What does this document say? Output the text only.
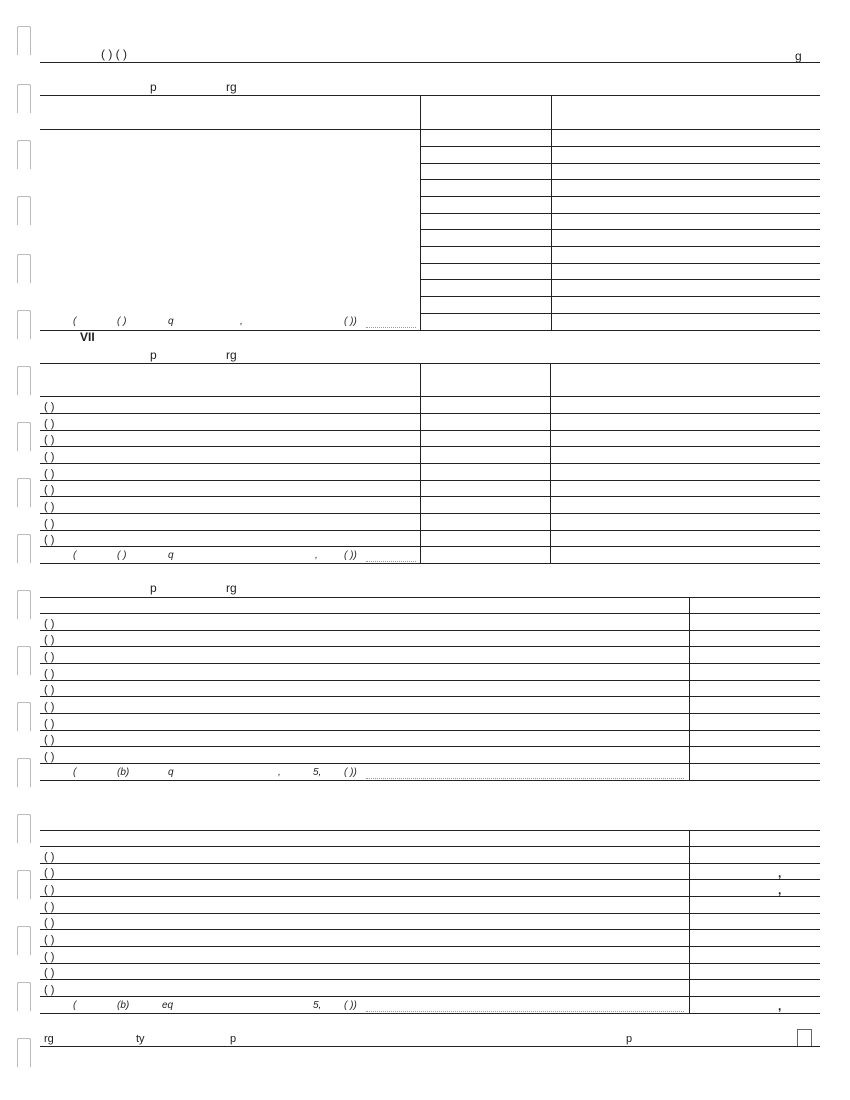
( ) ( )	g
p	rg
(	( )	q	,	( ))
VII
p	rg
( )
( )
( )
( )
( )
( )
( )
( )
( )
(	( )	q	,	( ))
p	rg
( )
( )
( )
( )
( )
( )
( )
( )
( )
(	(b)	q	,	5, ( ))
( )
( )	,
( )	,
( )
( )
( )
( )
( )
( )
(	(b)	eq	5, ( ))	,
rg	ty	p	p
